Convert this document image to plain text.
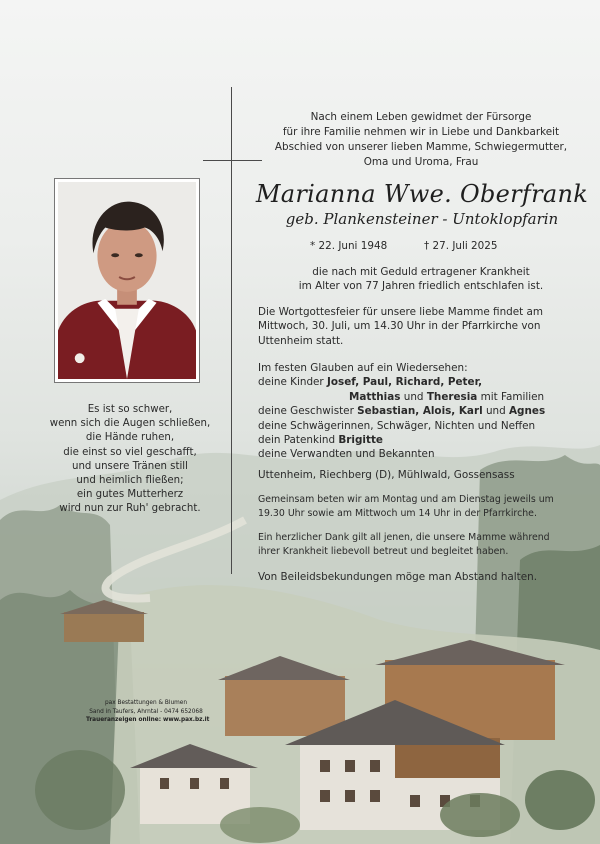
Nach einem Leben gewidmet der Fürsorge
für ihre Familie nehmen wir in Liebe und Dankbarkeit
Abschied von unserer lieben Mamme, Schwiegermutter,
Oma und Uroma, Frau
Marianna Wwe. Oberfrank
geb. Plankensteiner - Untoklopfarin
* 22. Juni 1948	† 27. Juli 2025
die nach mit Geduld ertragener Krankheit
im Alter von 77 Jahren friedlich entschlafen ist.
Die Wortgottesfeier für unsere liebe Mamme findet am
Mittwoch, 30. Juli, um 14.30 Uhr in der Pfarrkirche von
Uttenheim statt.
Im festen Glauben auf ein Wiedersehen:
deine Kinder Josef, Paul, Richard, Peter,
Matthias und Theresia mit Familien
deine Geschwister Sebastian, Alois, Karl und Agnes
deine Schwägerinnen, Schwäger, Nichten und Neffen
dein Patenkind Brigitte
deine Verwandten und Bekannten
Uttenheim, Riechberg (D), Mühlwald, Gossensass
Gemeinsam beten wir am Montag und am Dienstag jeweils um
19.30 Uhr sowie am Mittwoch um 14 Uhr in der Pfarrkirche.
Ein herzlicher Dank gilt all jenen, die unsere Mamme während
ihrer Krankheit liebevoll betreut und begleitet haben.
Von Beileidsbekundungen möge man Abstand halten.
Es ist so schwer,
wenn sich die Augen schließen,
die Hände ruhen,
die einst so viel geschafft,
und unsere Tränen still
und heimlich fließen;
ein gutes Mutterherz
wird nun zur Ruh' gebracht.
pax Bestattungen & Blumen
Sand in Taufers, Ahrntal - 0474 652068
Traueranzeigen online: www.pax.bz.it
